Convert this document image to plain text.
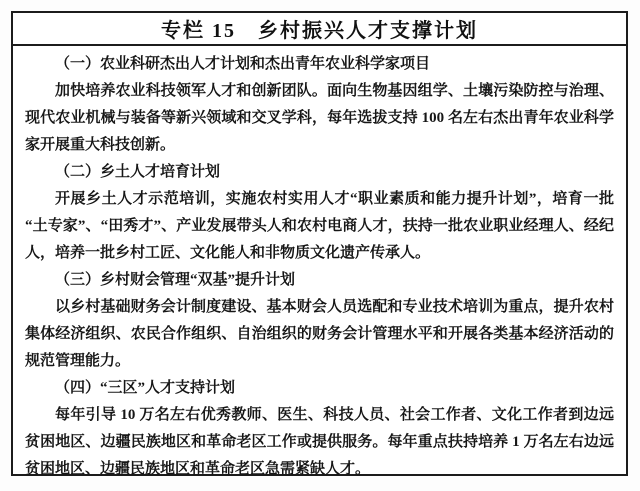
专栏 15　乡村振兴人才支撑计划
（一）农业科研杰出人才计划和杰出青年农业科学家项目

加快培养农业科技领军人才和创新团队。面向生物基因组学、土壤污染防控与治理、现代农业机械与装备等新兴领域和交叉学科，每年选拔支持 100 名左右杰出青年农业科学家开展重大科技创新。

（二）乡土人才培育计划

开展乡土人才示范培训，实施农村实用人才“职业素质和能力提升计划”，培育一批“土专家”、“田秀才”、产业发展带头人和农村电商人才，扶持一批农业职业经理人、经纪人，培养一批乡村工匠、文化能人和非物质文化遗产传承人。

（三）乡村财会管理“双基”提升计划

以乡村基础财务会计制度建设、基本财会人员选配和专业技术培训为重点，提升农村集体经济组织、农民合作组织、自治组织的财务会计管理水平和开展各类基本经济活动的规范管理能力。

（四）“三区”人才支持计划

每年引导 10 万名左右优秀教师、医生、科技人员、社会工作者、文化工作者到边远贫困地区、边疆民族地区和革命老区工作或提供服务。每年重点扶持培养 1 万名左右边远贫困地区、边疆民族地区和革命老区急需紧缺人才。
